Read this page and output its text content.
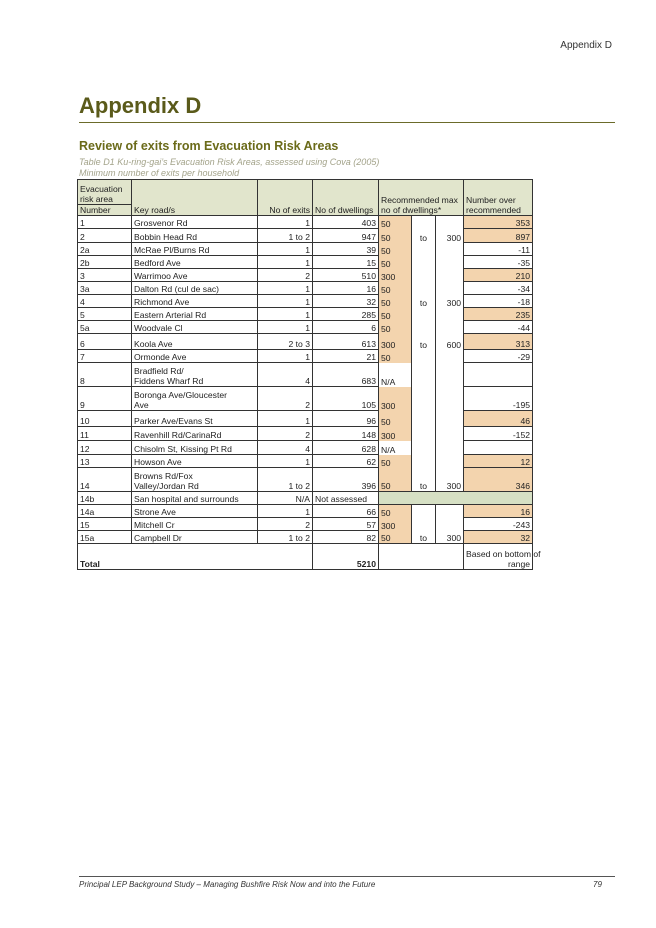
Appendix D
Appendix D
Review of exits from Evacuation Risk Areas
Table D1 Ku-ring-gai’s Evacuation Risk Areas, assessed using Cova (2005)
Minimum number of exits per household
Evacuation risk area
Number	Key road/s	No of exits	No of dwellings	Recommended max no of dwellings*			Number over recommended
1	Grosvenor Rd	1	403	50			353
2	Bobbin Head Rd	1 to 2	947	50	to	300	897
2a	McRae Pl/Burns Rd	1	39	50			-11
2b	Bedford Ave	1	15	50			-35
3	Warrimoo Ave	2	510	300			210
3a	Dalton Rd (cul de sac)	1	16	50			-34
4	Richmond Ave	1	32	50	to	300	-18
5	Eastern Arterial Rd	1	285	50			235
5a	Woodvale Cl	1	6	50			-44
6	Koola Ave	2 to 3	613	300	to	600	313
7	Ormonde Ave	1	21	50			-29
8	Bradfield Rd/
Fiddens Wharf Rd	4	683	N/A			
9	Boronga Ave/Gloucester
Ave	2	105	300			-195
10	Parker Ave/Evans St	1	96	50			46
11	Ravenhill Rd/CarinaRd	2	148	300			-152
12	Chisolm St, Kissing Pt Rd	4	628	N/A			
13	Howson Ave	1	62	50			12
14	Browns Rd/Fox
Valley/Jordan Rd	1 to 2	396	50	to	300	346
14b	San hospital and surrounds	N/A	Not assessed				
14a	Strone Ave	1	66	50			16
15	Mitchell Cr	2	57	300			-243
15a	Campbell Dr	1 to 2	82	50	to	300	32
Total			5210				Based on bottom of
range
Principal LEP Background Study – Managing Bushfire Risk Now and into the Future	79
